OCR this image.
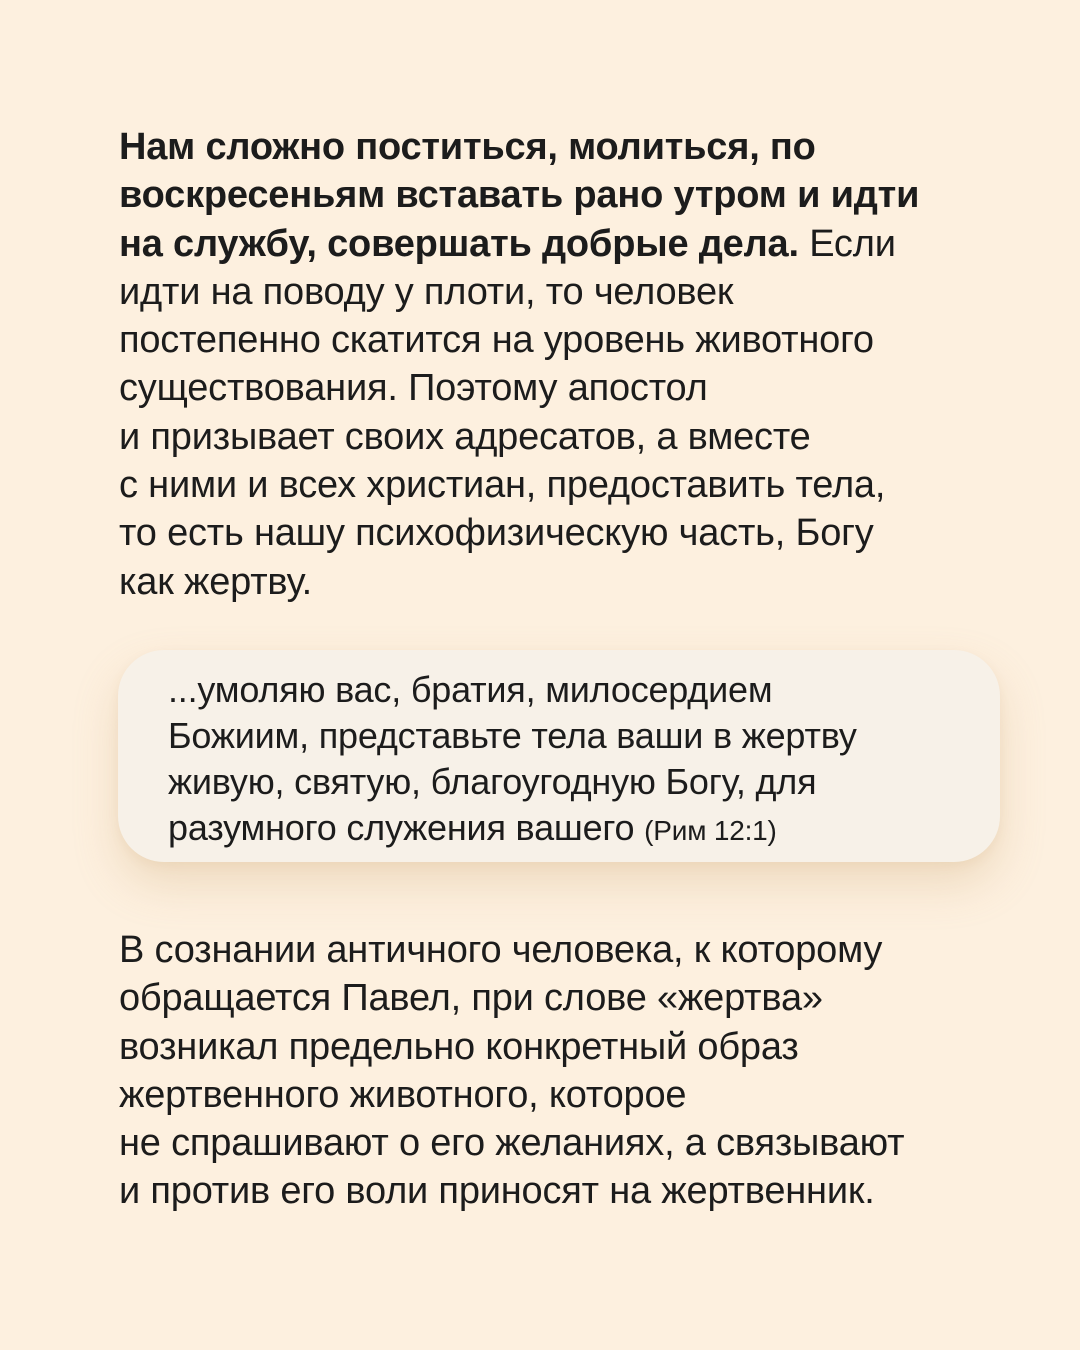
Нам сложно поститься, молиться, по
воскресеньям вставать рано утром и идти
на службу, совершать добрые дела. Если
идти на поводу у плоти, то человек
постепенно скатится на уровень животного
существования. Поэтому апостол
и призывает своих адресатов, а вместе
с ними и всех христиан, предоставить тела,
то есть нашу психофизическую часть, Богу
как жертву.

...умоляю вас, братия, милосердием
Божиим, представьте тела ваши в жертву
живую, святую, благоугодную Богу, для
разумного служения вашего (Рим 12:1)

В сознании античного человека, к которому
обращается Павел, при слове «жертва»
возникал предельно конкретный образ
жертвенного животного, которое
не спрашивают о его желаниях, а связывают
и против его воли приносят на жертвенник.
